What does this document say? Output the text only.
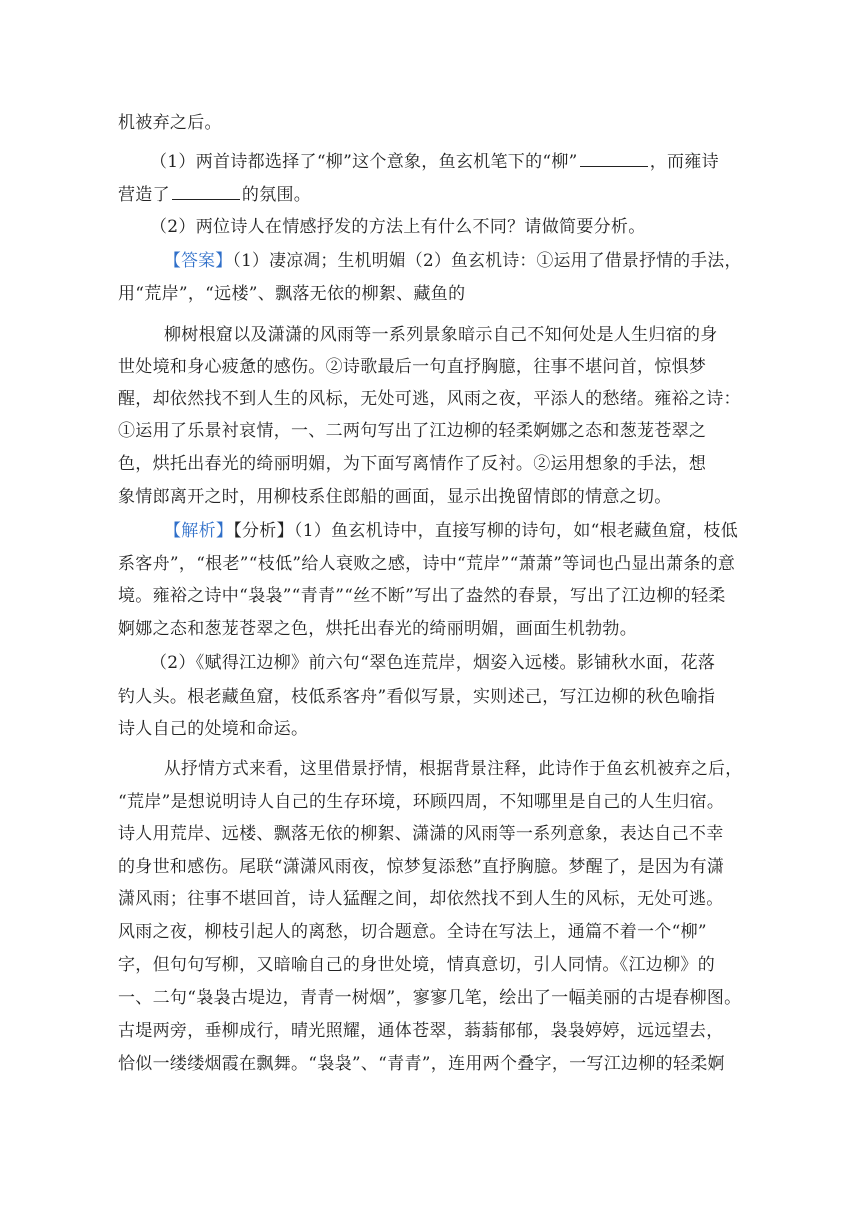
机被弃之后。
（1）两首诗都选择了“柳”这个意象，鱼玄机笔下的“柳”	，而雍诗
营造了	的氛围。
（2）两位诗人在情感抒发的方法上有什么不同？请做简要分析。
【答案】（1）凄凉凋；生机明媚（2）鱼玄机诗：①运用了借景抒情的手法，
用“荒岸”，“远楼”、飘落无依的柳絮、藏鱼的
柳树根窟以及潇潇的风雨等一系列景象暗示自己不知何处是人生归宿的身
世处境和身心疲惫的感伤。②诗歌最后一句直抒胸臆，往事不堪问首，惊惧梦
醒，却依然找不到人生的风标，无处可逃，风雨之夜，平添人的愁绪。雍裕之诗：
①运用了乐景衬哀情，一、二两句写出了江边柳的轻柔婀娜之态和葱茏苍翠之
色，烘托出春光的绮丽明媚，为下面写离情作了反衬。②运用想象的手法，想
象情郎离开之时，用柳枝系住郎船的画面，显示出挽留情郎的情意之切。
【解析】【分析】（1）鱼玄机诗中，直接写柳的诗句，如“根老藏鱼窟，枝低
系客舟”，“根老”“枝低”给人衰败之感，诗中“荒岸”“萧萧”等词也凸显出萧条的意
境。雍裕之诗中“袅袅”“青青”“丝不断”写出了盎然的春景，写出了江边柳的轻柔
婀娜之态和葱茏苍翠之色，烘托出春光的绮丽明媚，画面生机勃勃。
（2）《赋得江边柳》前六句“翠色连荒岸，烟姿入远楼。影铺秋水面，花落
钓人头。根老藏鱼窟，枝低系客舟”看似写景，实则述己，写江边柳的秋色喻指
诗人自己的处境和命运。
从抒情方式来看，这里借景抒情，根据背景注释，此诗作于鱼玄机被弃之后，
“荒岸”是想说明诗人自己的生存环境，环顾四周，不知哪里是自己的人生归宿。
诗人用荒岸、远楼、飘落无依的柳絮、潇潇的风雨等一系列意象，表达自己不幸
的身世和感伤。尾联“潇潇风雨夜，惊梦复添愁”直抒胸臆。梦醒了，是因为有潇
潇风雨；往事不堪回首，诗人猛醒之间，却依然找不到人生的风标，无处可逃。
风雨之夜，柳枝引起人的离愁，切合题意。全诗在写法上，通篇不着一个“柳”
字，但句句写柳，又暗喻自己的身世处境，情真意切，引人同情。《江边柳》的
一、二句“袅袅古堤边，青青一树烟”，寥寥几笔，绘出了一幅美丽的古堤春柳图。
古堤两旁，垂柳成行，晴光照耀，通体苍翠，蓊蓊郁郁，袅袅婷婷，远远望去，
恰似一缕缕烟霞在飘舞。“袅袅”、“青青”，连用两个叠字，一写江边柳的轻柔婀
